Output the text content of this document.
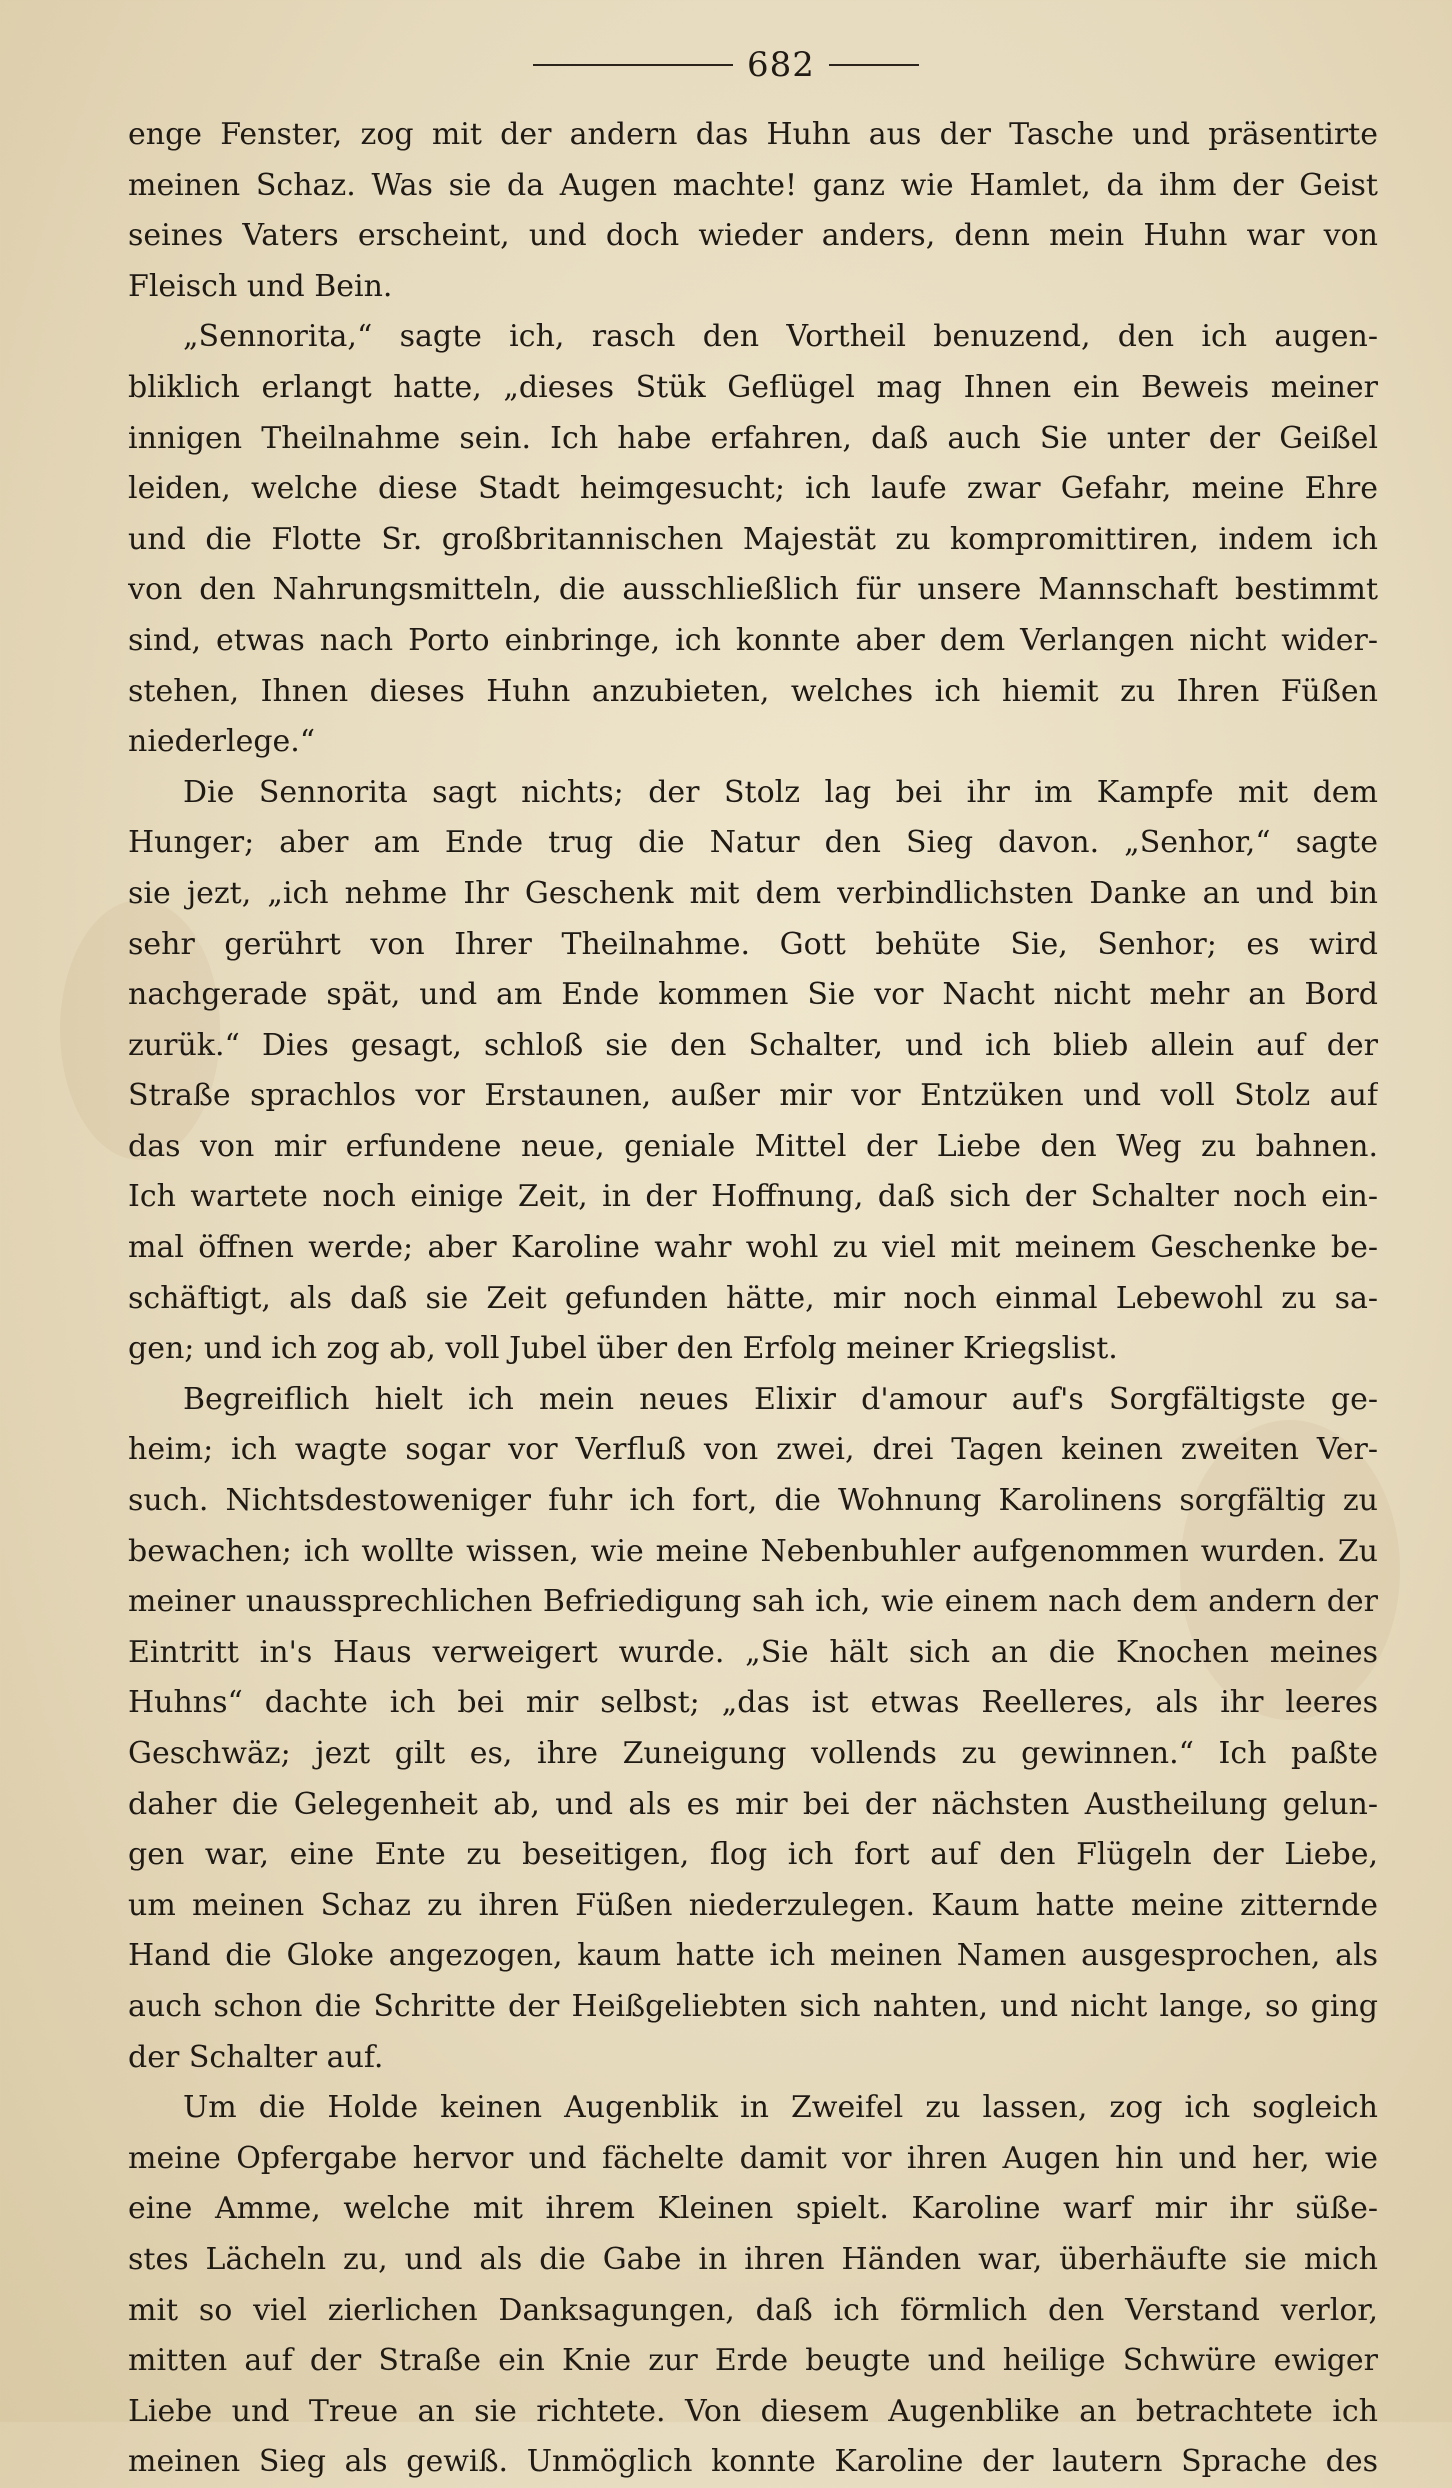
682
enge Fenster, zog mit der andern das Huhn aus der Tasche und präsentirte
meinen Schaz. Was sie da Augen machte! ganz wie Hamlet, da ihm der Geist
seines Vaters erscheint, und doch wieder anders, denn mein Huhn war von
Fleisch und Bein.
„Sennorita,“ sagte ich, rasch den Vortheil benuzend, den ich augen-
bliklich erlangt hatte, „dieses Stük Geflügel mag Ihnen ein Beweis meiner
innigen Theilnahme sein. Ich habe erfahren, daß auch Sie unter der Geißel
leiden, welche diese Stadt heimgesucht; ich laufe zwar Gefahr, meine Ehre
und die Flotte Sr. großbritannischen Majestät zu kompromittiren, indem ich
von den Nahrungsmitteln, die ausschließlich für unsere Mannschaft bestimmt
sind, etwas nach Porto einbringe, ich konnte aber dem Verlangen nicht wider-
stehen, Ihnen dieses Huhn anzubieten, welches ich hiemit zu Ihren Füßen
niederlege.“
Die Sennorita sagt nichts; der Stolz lag bei ihr im Kampfe mit dem
Hunger; aber am Ende trug die Natur den Sieg davon. „Senhor,“ sagte
sie jezt, „ich nehme Ihr Geschenk mit dem verbindlichsten Danke an und bin
sehr gerührt von Ihrer Theilnahme. Gott behüte Sie, Senhor; es wird
nachgerade spät, und am Ende kommen Sie vor Nacht nicht mehr an Bord
zurük.“ Dies gesagt, schloß sie den Schalter, und ich blieb allein auf der
Straße sprachlos vor Erstaunen, außer mir vor Entzüken und voll Stolz auf
das von mir erfundene neue, geniale Mittel der Liebe den Weg zu bahnen.
Ich wartete noch einige Zeit, in der Hoffnung, daß sich der Schalter noch ein-
mal öffnen werde; aber Karoline wahr wohl zu viel mit meinem Geschenke be-
schäftigt, als daß sie Zeit gefunden hätte, mir noch einmal Lebewohl zu sa-
gen; und ich zog ab, voll Jubel über den Erfolg meiner Kriegslist.
Begreiflich hielt ich mein neues Elixir d'amour auf's Sorgfältigste ge-
heim; ich wagte sogar vor Verfluß von zwei, drei Tagen keinen zweiten Ver-
such. Nichtsdestoweniger fuhr ich fort, die Wohnung Karolinens sorgfältig zu
bewachen; ich wollte wissen, wie meine Nebenbuhler aufgenommen wurden. Zu
meiner unaussprechlichen Befriedigung sah ich, wie einem nach dem andern der
Eintritt in's Haus verweigert wurde. „Sie hält sich an die Knochen meines
Huhns“ dachte ich bei mir selbst; „das ist etwas Reelleres, als ihr leeres
Geschwäz; jezt gilt es, ihre Zuneigung vollends zu gewinnen.“ Ich paßte
daher die Gelegenheit ab, und als es mir bei der nächsten Austheilung gelun-
gen war, eine Ente zu beseitigen, flog ich fort auf den Flügeln der Liebe,
um meinen Schaz zu ihren Füßen niederzulegen. Kaum hatte meine zitternde
Hand die Gloke angezogen, kaum hatte ich meinen Namen ausgesprochen, als
auch schon die Schritte der Heißgeliebten sich nahten, und nicht lange, so ging
der Schalter auf.
Um die Holde keinen Augenblik in Zweifel zu lassen, zog ich sogleich
meine Opfergabe hervor und fächelte damit vor ihren Augen hin und her, wie
eine Amme, welche mit ihrem Kleinen spielt. Karoline warf mir ihr süße-
stes Lächeln zu, und als die Gabe in ihren Händen war, überhäufte sie mich
mit so viel zierlichen Danksagungen, daß ich förmlich den Verstand verlor,
mitten auf der Straße ein Knie zur Erde beugte und heilige Schwüre ewiger
Liebe und Treue an sie richtete. Von diesem Augenblike an betrachtete ich
meinen Sieg als gewiß. Unmöglich konnte Karoline der lautern Sprache des
